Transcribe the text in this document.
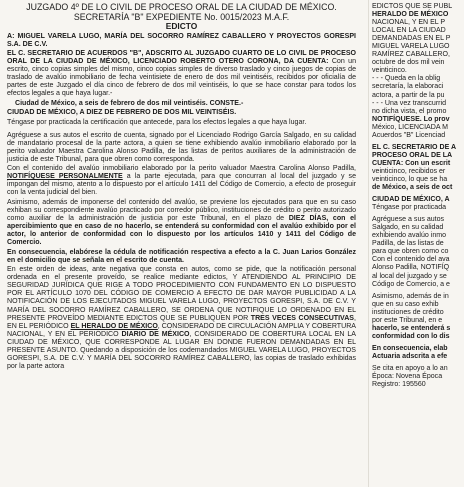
JUZGADO 4º DE LO CIVIL DE PROCESO ORAL DE LA CIUDAD DE MÉXICO.
SECRETARÍA "B" EXPEDIENTE No. 0015/2023 M.A.F.
EDICTO

A: MIGUEL VARELA LUGO, MARÍA DEL SOCORRO RAMÍREZ CABALLERO Y PROYECTOS GORESPI S.A. DE C.V.

EL C. SECRETARIO DE ACUERDOS "B", ADSCRITO AL JUZGADO CUARTO DE LO CIVIL DE PROCESO ORAL DE LA CIUDAD DE MÉXICO, LICENCIADO ROBERTO OTERO CORONA, DA CUENTA: Con un escrito, cinco copias simples del mismo, cinco copias simples de diverso traslado y cinco juegos de copias de traslado de avalúo inmobiliario de fecha veintisiete de enero de dos mil veintiséis, recibidos por oficialía de partes de este Juzgado el día cinco de febrero de dos mil veintiséis, lo que se hace constar para todos los efectos legales a que haya lugar.-

Ciudad de México, a seis de febrero de dos mil veintiséis. CONSTE.-

CIUDAD DE MÉXICO, A DIEZ DE FEBRERO DE DOS MIL VEINTISÉIS.

Téngase por practicada la certificación que antecede, para los efectos legales a que haya lugar.

Agréguese a sus autos el escrito de cuenta, signado por el Licenciado Rodrigo García Salgado, en su calidad de mandatario procesal de la parte actora, a quien se tiene exhibiendo avalúo inmobiliario elaborado por la perito valuador Maestra Carolina Alonso Padilla, de las listas de peritos auxiliares de la administración de justicia de este Tribunal, para que obren como corresponda.

Con el contenido del avalúo inmobiliario elaborado por la perito valuador Maestra Carolina Alonso Padilla, NOTIFÍQUESE PERSONALMENTE a la parte ejecutada, para que concurran al local del juzgado y se impongan del mismo, atento a lo dispuesto por el artículo 1411 del Código de Comercio, a efecto de proseguir con la venta judicial del bien.

Asimismo, además de imponerse del contenido del avalúo, se previene los ejecutados para que en su caso exhiban su correspondiente avalúo practicado por corredor público, instituciones de crédito o perito autorizado como auxiliar de la administración de justicia por este Tribunal, en el plazo de DIEZ DÍAS, con el apercibimiento que en caso de no hacerlo, se entenderá su conformidad con el avalúo exhibido por el actor, lo anterior de conformidad con lo dispuesto por los artículos 1410 y 1411 del Código de Comercio.

En consecuencia, elabórese la cédula de notificación respectiva a efecto a la C. Juan Larios González en el domicilio que se señala en el escrito de cuenta.

En este orden de ideas, ante negativa que consta en autos, como se pide, que la notificación personal ordenada en el presente proveído, se realice mediante edictos, Y ATENDIENDO AL PRINCIPIO DE SEGURIDAD JURÍDICA QUE RIGE A TODO PROCEDIMIENTO CON FUNDAMENTO EN LO DISPUESTO POR EL ARTÍCULO 1070 DEL CÓDIGO DE COMERCIO A EFECTO DE DAR MAYOR PUBLICIDAD A LA NOTIFICACIÓN DE LOS EJECUTADOS MIGUEL VARELA LUGO, PROYECTOS GORESPI, S.A. DE C.V. Y MARÍA DEL SOCORRO RAMÍREZ CABALLERO, SE ORDENA QUE NOTIFIQUE LO ORDENADO EN EL PRESENTE PROVEÍDO MEDIANTE EDICTOS QUE SE PUBLIQUEN POR TRES VECES CONSECUTIVAS, EN EL PERIÓDICO EL HERALDO DE MÉXICO, CONSIDERADO DE CIRCULACIÓN AMPLIA Y COBERTURA NACIONAL, Y EN EL PERIÓDICO DIARIO DE MÉXICO, CONSIDERADO DE COBERTURA LOCAL EN LA CIUDAD DE MÉXICO, QUE CORRESPONDE AL LUGAR EN DONDE FUERON DEMANDADAS EN EL PRESENTE ASUNTO. Quedando a disposición de los codemandados MIGUEL VARELA LUGO, PROYECTOS GORESPI, S.A. DE C.V. Y MARÍA DEL SOCORRO RAMÍREZ CABALLERO, las copias de traslado exhibidas por la parte actora

EDICTOS QUE SE PUBL

HERALDO DE MÉXICO

NACIONAL, Y EN EL P

LOCAL EN LA CIUDAD

DEMANDADAS EN EL P

MIGUEL VARELA LUGO

RAMÍREZ CABALLERO,

octubre de dos mil vein

veinticinco.

- - - Queda en la oblig

secretaría, la elaboraci

actora, a partir de la pu

- - - Una vez transcurrid

no dicha vista, el promo

NOTIFÍQUESE. Lo prov

México, LICENCIADA M

Acuerdos "B" Licenciad

EL C. SECRETARIO DE A

PROCESO ORAL DE LA

CUENTA: Con un escrit

veinticinco, recibidos er

veinticinco, lo que se ha

de México, a seis de oct

CIUDAD DE MÉXICO, A

Téngase por practicada

Agréguese a sus autos

Salgado, en su calidad

exhibiendo avalúo inmo

Padilla, de las listas de

para que obren como co

Con el contenido del ava

Alonso Padilla, NOTIFÍQ

al local del juzgado y se

Código de Comercio, a e

Asimismo, además de in

que en su caso exhib

instituciones de crédito

por este Tribunal, en e

hacerlo, se entenderá s

conformidad con lo dis

En consecuencia, elab

Actuaria adscrita a efe

Se cita en apoyo a lo an

Época: Novena Época

Registro: 195560
